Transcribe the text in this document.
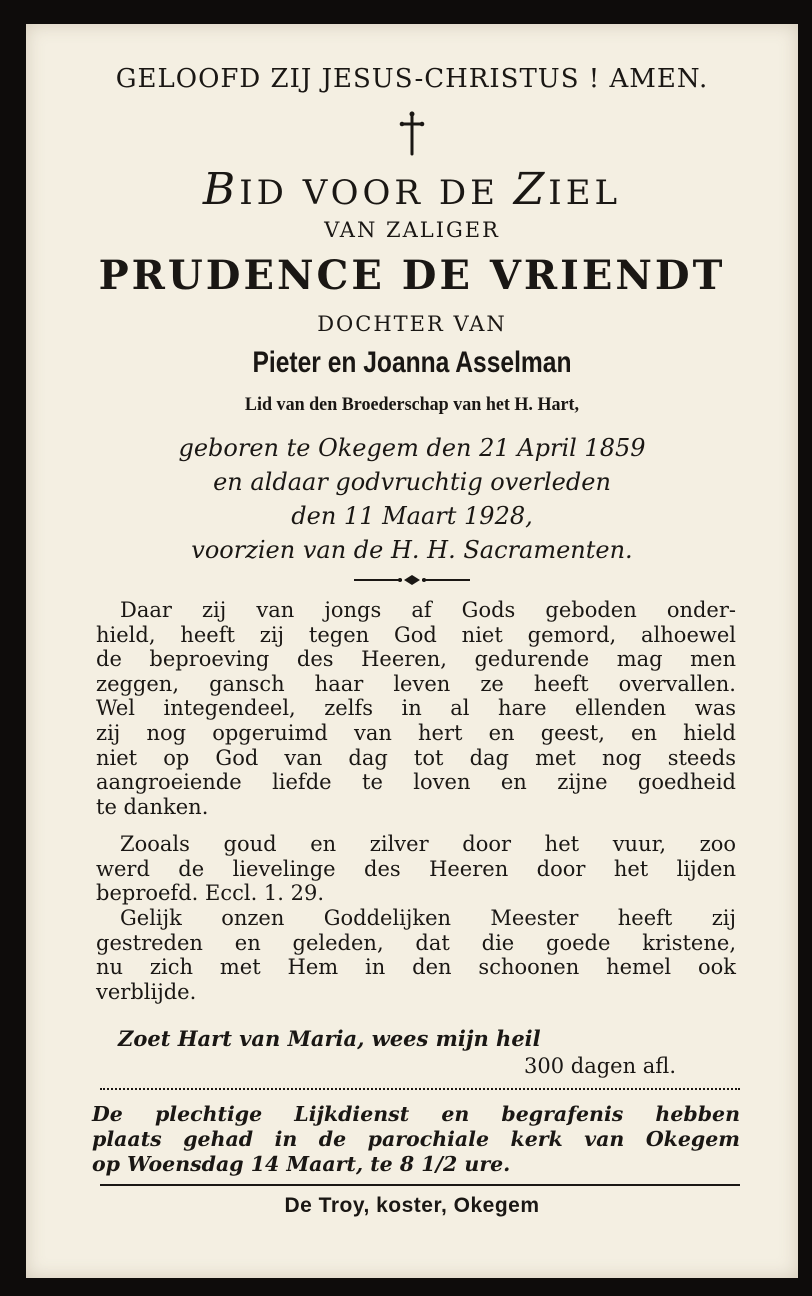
GELOOFD ZIJ JESUS-CHRISTUS ! AMEN.
BID VOOR DE ZIEL
VAN ZALIGER
PRUDENCE DE VRIENDT
DOCHTER VAN
Pieter en Joanna Asselman
Lid van den Broederschap van het H. Hart,
geboren te Okegem den 21 April 1859
en aldaar godvruchtig overleden
den 11 Maart 1928,
voorzien van de H. H. Sacramenten.
Daar zij van jongs af Gods geboden onder-
hield, heeft zij tegen God niet gemord, alhoewel
de beproeving des Heeren, gedurende mag men
zeggen, gansch haar leven ze heeft overvallen.
Wel integendeel, zelfs in al hare ellenden was
zij nog opgeruimd van hert en geest, en hield
niet op God van dag tot dag met nog steeds
aangroeiende liefde te loven en zijne goedheid
te danken.
Zooals goud en zilver door het vuur, zoo
werd de lievelinge des Heeren door het lijden
beproefd. Eccl. 1. 29.
Gelijk onzen Goddelijken Meester heeft zij
gestreden en geleden, dat die goede kristene,
nu zich met Hem in den schoonen hemel ook
verblijde.
Zoet Hart van Maria, wees mijn heil
300 dagen afl.
De plechtige Lijkdienst en begrafenis hebben
plaats gehad in de parochiale kerk van Okegem
op Woensdag 14 Maart, te 8 1/2 ure.
De Troy, koster, Okegem
